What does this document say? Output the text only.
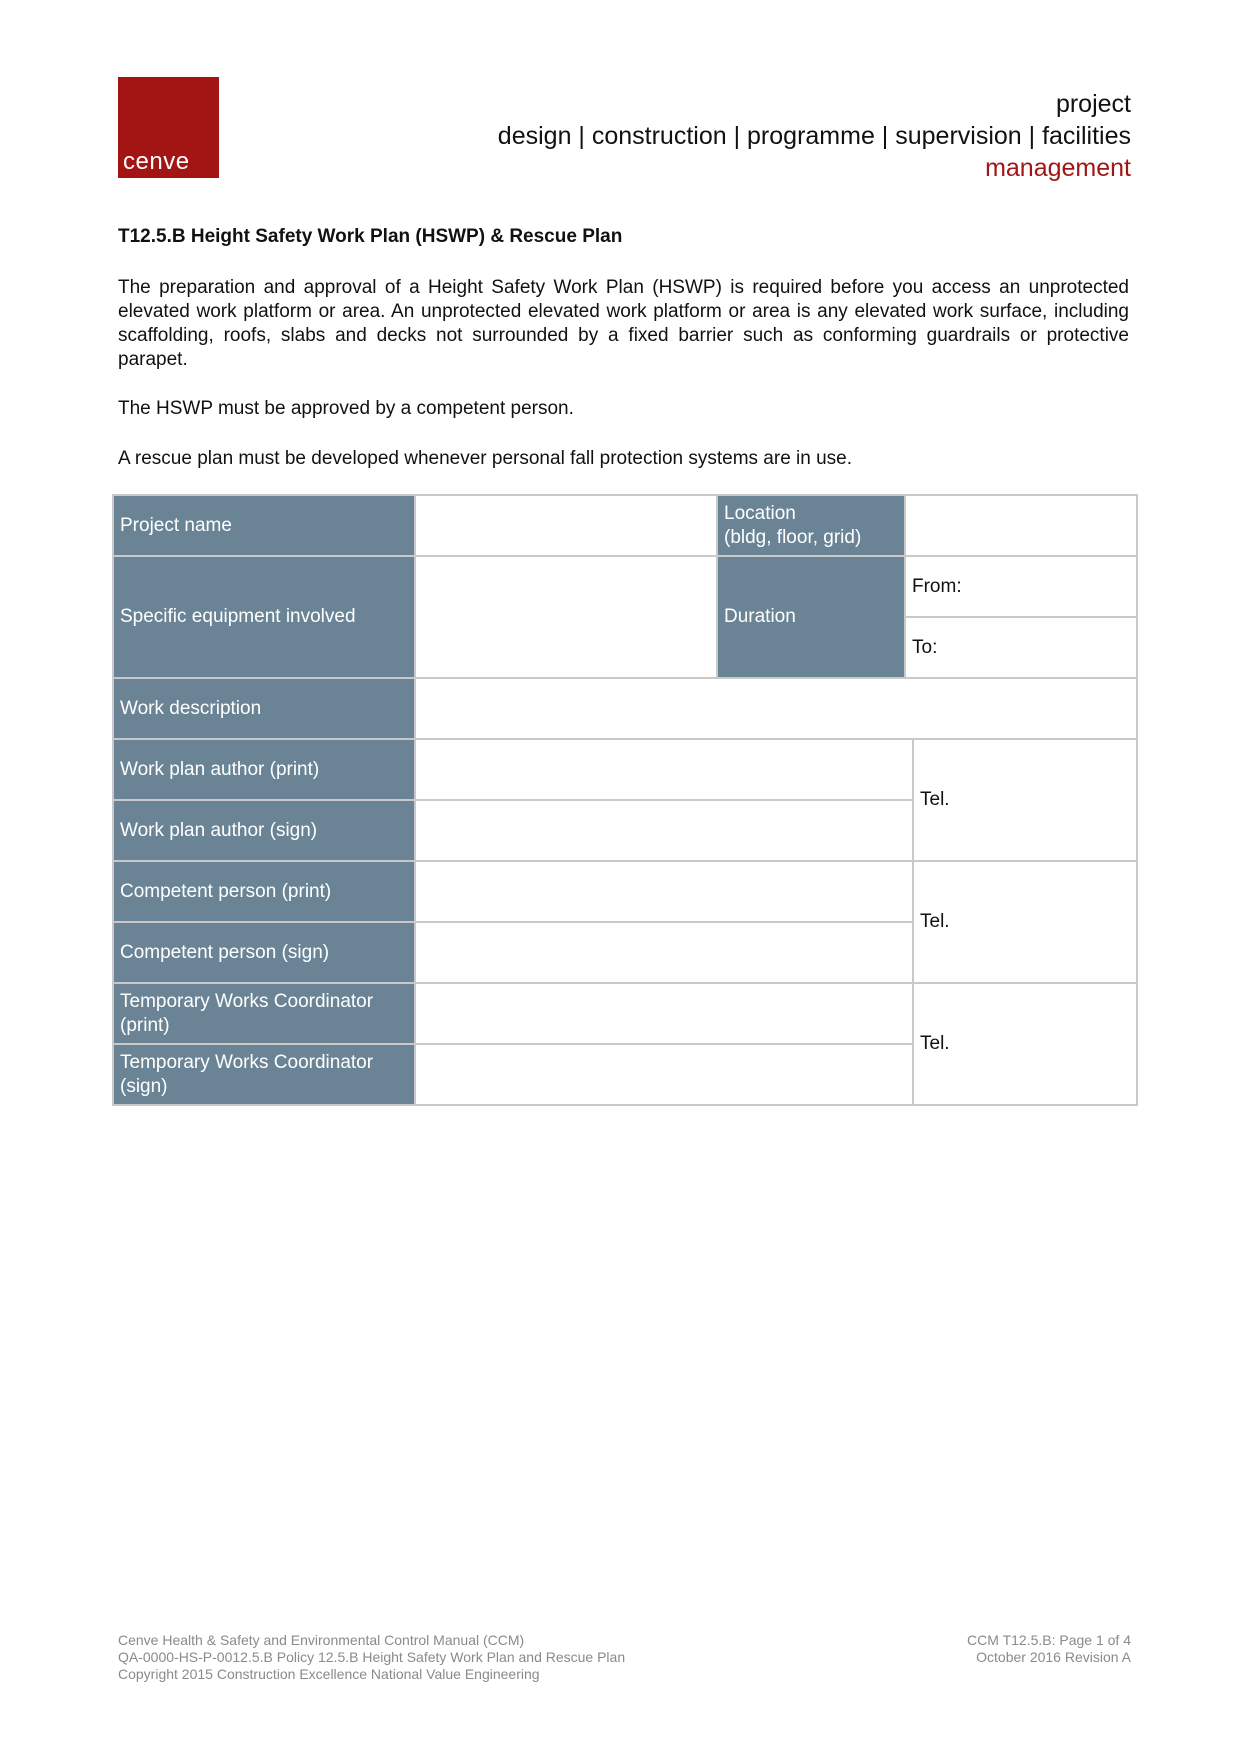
cenve
project
design | construction | programme | supervision | facilities
management
T12.5.B Height Safety Work Plan (HSWP) & Rescue Plan
The preparation and approval of a Height Safety Work Plan (HSWP) is required before you access an unprotected elevated work platform or area. An unprotected elevated work platform or area is any elevated work surface, including scaffolding, roofs, slabs and decks not surrounded by a fixed barrier such as conforming guardrails or protective parapet.
The HSWP must be approved by a competent person.
A rescue plan must be developed whenever personal fall protection systems are in use.
Project name		Location
(bldg, floor, grid)		

Specific equipment involved		Duration	From:	
			To:	
Work description				
Work plan author (print)				Tel.
Work plan author (sign)				
Competent person (print)				Tel.
Competent person (sign)				

Temporary Works Coordinator
(print)				Tel.

Temporary Works Coordinator
(sign)				

Cenve Health & Safety and Environmental Control Manual (CCM)
QA-0000-HS-P-0012.5.B Policy 12.5.B Height Safety Work Plan and Rescue Plan
Copyright 2015 Construction Excellence National Value Engineering
CCM T12.5.B: Page 1 of 4
October 2016 Revision A
